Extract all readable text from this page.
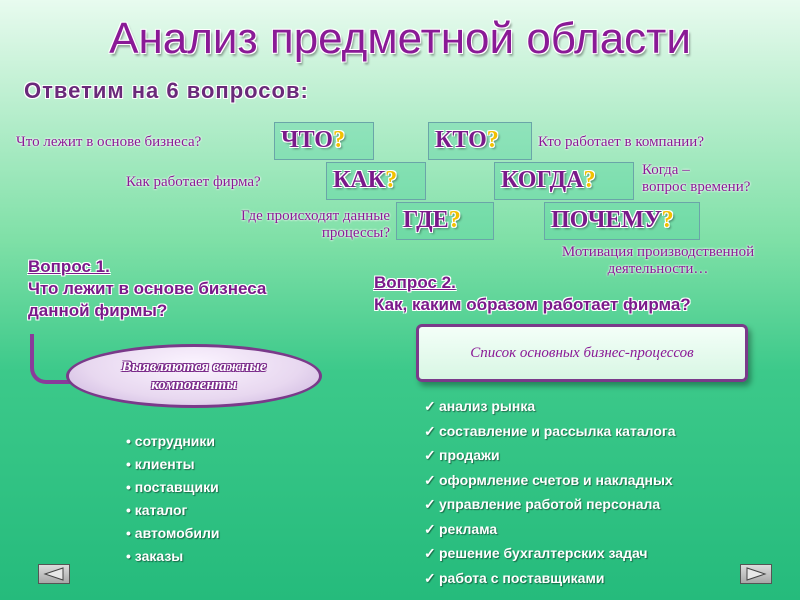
Анализ предметной области
Ответим на 6 вопросов:
Что лежит в основе бизнеса?	ЧТО?	КТО?	Кто работает в компании?
Как работает фирма?	КАК?	КОГДА?	Когда –
вопрос времени?
Где происходят данные
процессы? ГДЕ?	ПОЧЕМУ?
Мотивация производственной
деятельности…
Вопрос 1.
Что лежит в основе бизнеса
данной фирмы?
Выявляются важные компоненты
• сотрудники
• клиенты
• поставщики
• каталог
• автомобили
• заказы
Вопрос 2.
Как, каким образом работает фирма?
Список основных бизнес-процессов
✓ анализ рынка
✓ составление и рассылка каталога
✓ продажи
✓ оформление счетов и накладных
✓ управление работой персонала
✓ реклама
✓ решение бухгалтерских задач
✓ работа с поставщиками
